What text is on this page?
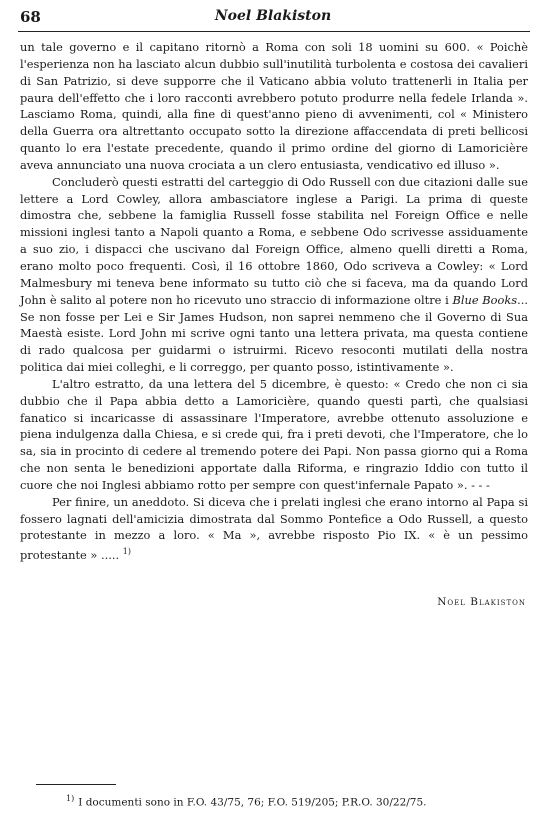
68	Noel Blakiston

un tale governo e il capitano ritornò a Roma con soli 18 uomini su 600. « Poichè l'esperienza non ha lasciato alcun dubbio sull'inutilità turbolenta e costosa dei cavalieri di San Patrizio, si deve supporre che il Vaticano abbia voluto trattenerli in Italia per paura dell'effetto che i loro racconti avrebbero potuto produrre nella fedele Irlanda ». Lasciamo Roma, quindi, alla fine di quest'anno pieno di avvenimenti, col « Ministero della Guerra ora altrettanto occupato sotto la direzione affaccendata di preti bellicosi quanto lo era l'estate precedente, quando il primo ordine del giorno di Lamoricière aveva annunciato una nuova crociata a un clero entusiasta, vendicativo ed illuso ».

Concluderò questi estratti del carteggio di Odo Russell con due citazioni dalle sue lettere a Lord Cowley, allora ambasciatore inglese a Parigi. La prima di queste dimostra che, sebbene la famiglia Russell fosse stabilita nel Foreign Office e nelle missioni inglesi tanto a Napoli quanto a Roma, e sebbene Odo scrivesse assiduamente a suo zio, i dispacci che uscivano dal Foreign Office, almeno quelli diretti a Roma, erano molto poco frequenti. Così, il 16 ottobre 1860, Odo scriveva a Cowley: « Lord Malmesbury mi teneva bene informato su tutto ciò che si faceva, ma da quando Lord John è salito al potere non ho ricevuto uno straccio di informazione oltre i Blue Books... Se non fosse per Lei e Sir James Hudson, non saprei nemmeno che il Governo di Sua Maestà esiste. Lord John mi scrive ogni tanto una lettera privata, ma questa contiene di rado qualcosa per guidarmi o istruirmi. Ricevo resoconti mutilati della nostra politica dai miei colleghi, e li correggo, per quanto posso, istintivamente ».

L'altro estratto, da una lettera del 5 dicembre, è questo: « Credo che non ci sia dubbio che il Papa abbia detto a Lamoricière, quando questi partì, che qualsiasi fanatico si incaricasse di assassinare l'Imperatore, avrebbe ottenuto assoluzione e piena indulgenza dalla Chiesa, e si crede qui, fra i preti devoti, che l'Imperatore, che lo sa, sia in procinto di cedere al tremendo potere dei Papi. Non passa giorno qui a Roma che non senta le benedizioni apportate dalla Riforma, e ringrazio Iddio con tutto il cuore che noi Inglesi abbiamo rotto per sempre con quest'infernale Papato ». - - -

Per finire, un aneddoto. Si diceva che i prelati inglesi che erano intorno al Papa si fossero lagnati dell'amicizia dimostrata dal Sommo Pontefice a Odo Russell, a questo protestante in mezzo a loro. « Ma », avrebbe risposto Pio IX. « è un pessimo protestante » ..... $^{1)}$

Noel Blakiston
$^{1)}$ I documenti sono in F.O. 43/75, 76; F.O. 519/205; P.R.O. 30/22/75.
